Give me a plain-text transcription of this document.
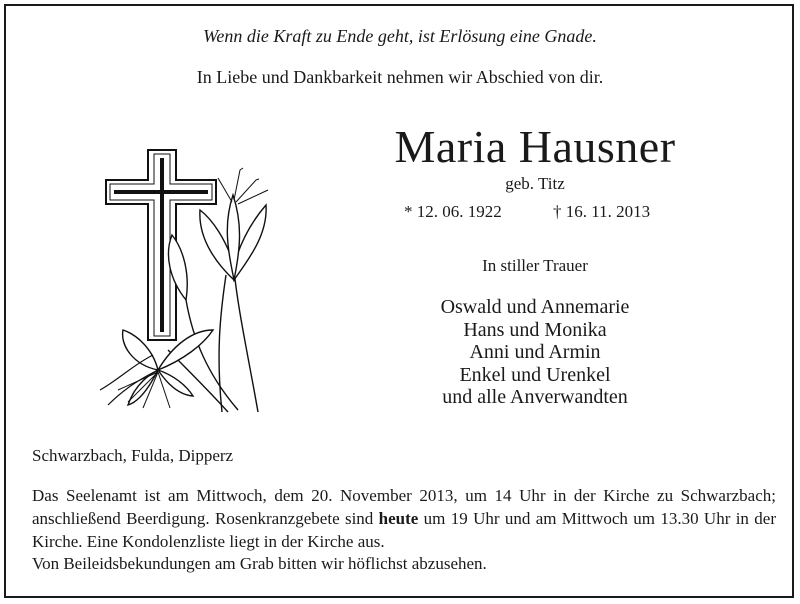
Wenn die Kraft zu Ende geht, ist Erlösung eine Gnade.
In Liebe und Dankbarkeit nehmen wir Abschied von dir.
Maria Hausner
geb. Titz
* 12. 06. 1922	† 16. 11. 2013
In stiller Trauer
Oswald und Annemarie
Hans und Monika
Anni und Armin
Enkel und Urenkel
und alle Anverwandten
Schwarzbach, Fulda, Dipperz
Das Seelenamt ist am Mittwoch, dem 20. November 2013, um 14 Uhr in der Kirche zu Schwarzbach; anschließend Beerdigung. Rosenkranzgebete sind heute um 19 Uhr und am Mittwoch um 13.30 Uhr in der Kirche. Eine Kondolenzliste liegt in der Kirche aus.
Von Beileidsbekundungen am Grab bitten wir höflichst abzusehen.
